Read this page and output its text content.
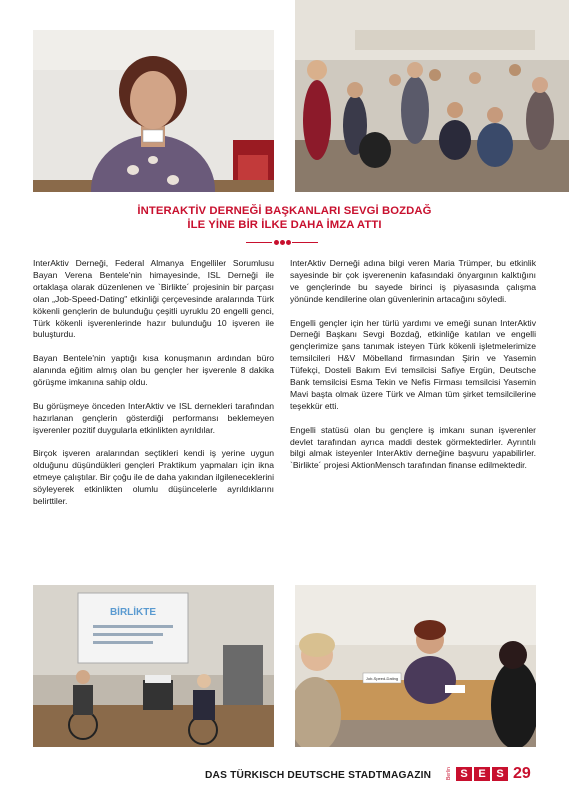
İNTERAKTİV DERNEĞİ BAŞKANLARI SEVGİ BOZDAĞ
İLE YİNE BİR İLKE DAHA İMZA ATTI

InterAktiv Derneği, Federal Almanya Engelliler Sorumlusu Bayan Verena Bentele'nin himayesinde, ISL Derneği ile ortaklaşa olarak düzenlenen ve `Birlikte´ projesinin bir parçası olan „Job-Speed-Dating" etkinliği çerçevesinde aralarında Türk kökenli gençlerin de bulunduğu çeşitli uyruklu 20 engelli genci, Türk kökenli işverenlerinde hazır bulunduğu 10 işveren ile buluşturdu.

Bayan Bentele'nin yaptığı kısa konuşmanın ardından büro alanında eğitim almış olan bu gençler her işverenle 8 dakika görüşme imkanına sahip oldu.

Bu görüşmeye önceden InterAktiv ve ISL dernekleri tarafından hazırlanan gençlerin gösterdiği performansı beklemeyen işverenler pozitif duygularla etkinlikten ayrıldılar.

Birçok işveren aralarından seçtikleri kendi iş yerine uygun olduğunu düşündükleri gençleri Praktikum yapmaları için ikna etmeye çalıştılar. Bir çoğu ile de daha yakından ilgileneceklerini söyleyerek etkinlikten olumlu düşüncelerle ayrıldıklarını belirttiler.

InterAktiv Derneği adına bilgi veren Maria Trümper, bu etkinlik sayesinde bir çok işverenenin kafasındaki önyargının kalktığını ve gençlerinde bu sayede birinci iş piyasasında çalışma yönünde kendilerine olan güvenlerinin artacağını söyledi.

Engelli gençler için her türlü yardımı ve emeği sunan InterAktiv Derneği Başkanı Sevgi Bozdağ, etkinliğe katılan ve engelli gençlerimize şans tanımak isteyen Türk kökenli işletmelerimize temsilcileri H&V Möbelland firmasından Şirin ve Yasemin Tüfekçi, Dosteli Bakım Evi temsilcisi Safiye Ergün, Deutsche Bank temsilcisi Esma Tekin ve Nefis Firması temsilcisi Yasemin Mavi başta olmak üzere Türk ve Alman tüm şirket temsilcilerine teşekkür etti.

Engelli statüsü olan bu gençlere iş imkanı sunan işverenler devlet tarafından ayrıca maddi destek görmektedirler. Ayrıntılı bilgi almak isteyenler InterAktiv derneğine başvuru yapabilirler. `Birlikte´ projesi AktionMensch tarafından finanse edilmektedir.

BİRLİKTE
Job-Speed-Dating
DAS TÜRKISCH DEUTSCHE STADTMAGAZIN	Berlin S E S 29
